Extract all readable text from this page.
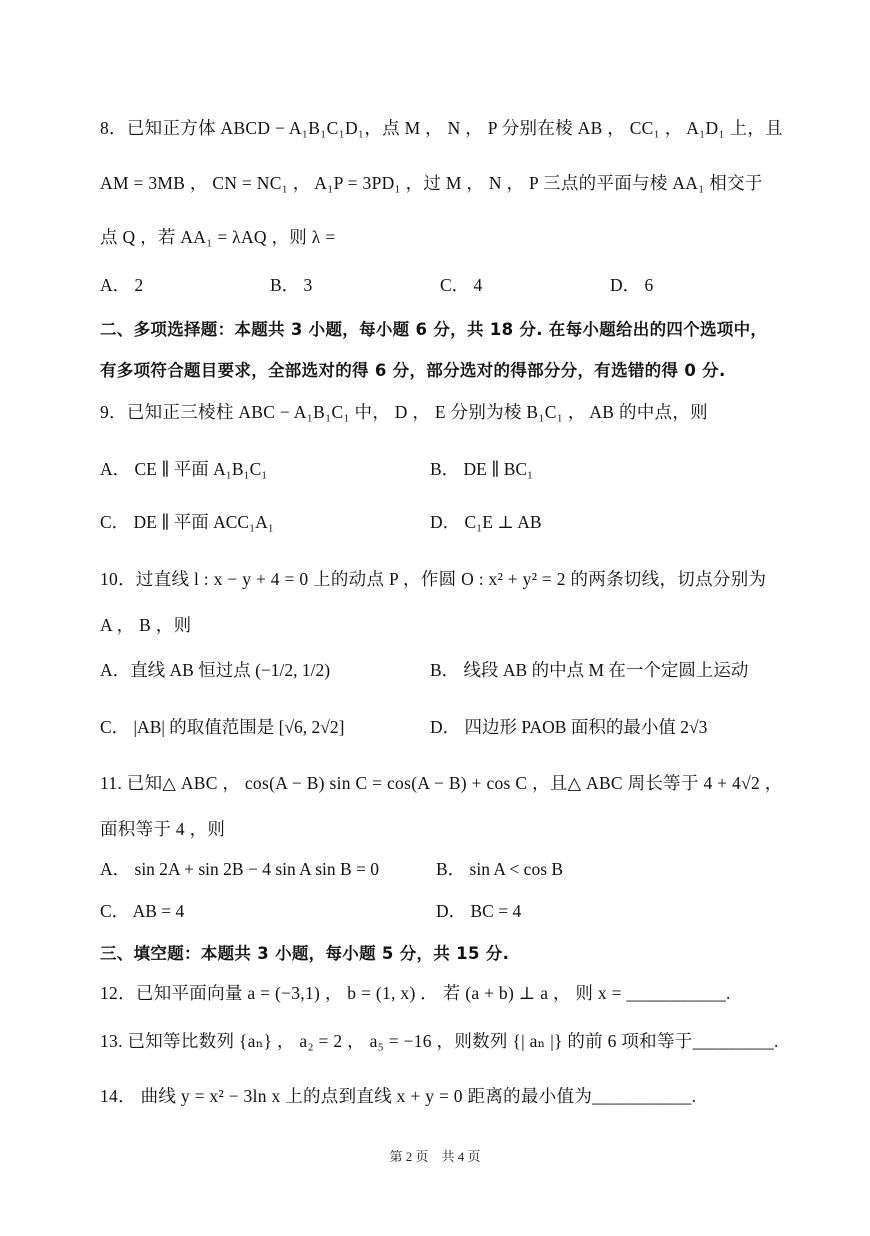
8．已知正方体 ABCD − A₁B₁C₁D₁，点 M ， N ， P 分别在棱 AB ， CC₁ ， A₁D₁ 上，且
AM = 3MB ， CN = NC₁ ， A₁P = 3PD₁ ，过 M ， N ， P 三点的平面与棱 AA₁ 相交于
点 Q ，若 AA₁ = λAQ ，则 λ =
A． 2	B． 3	C． 4	D． 6
二、多项选择题：本题共 3 小题，每小题 6 分，共 18 分. 在每小题给出的四个选项中，
有多项符合题目要求，全部选对的得 6 分，部分选对的得部分分，有选错的得 0 分.
9．已知正三棱柱 ABC − A₁B₁C₁ 中， D ， E 分别为棱 B₁C₁ ， AB 的中点，则
A． CE ∥ 平面 A₁B₁C₁	B． DE ∥ BC₁
C． DE ∥ 平面 ACC₁A₁	D． C₁E ⊥ AB
10．过直线 l : x − y + 4 = 0 上的动点 P ，作圆 O : x² + y² = 2 的两条切线，切点分别为
A ， B ，则
A．直线 AB 恒过点 (−1/2, 1/2)	B． 线段 AB 的中点 M 在一个定圆上运动
C． |AB| 的取值范围是 [√6, 2√2]	D． 四边形 PAOB 面积的最小值 2√3
11. 已知△ ABC ， cos(A − B) sin C = cos(A − B) + cos C ，且△ ABC 周长等于 4 + 4√2 ，
面积等于 4 ，则
A． sin 2A + sin 2B − 4 sin A sin B = 0	B． sin A < cos B
C． AB = 4	D． BC = 4
三、填空题：本题共 3 小题，每小题 5 分，共 15 分.
12．已知平面向量 a = (−3,1) ， b = (1, x) ． 若 (a + b) ⊥ a ， 则 x = ___________.
13. 已知等比数列 {aₙ} ， a₂ = 2 ， a₅ = −16 ，则数列 {| aₙ |} 的前 6 项和等于_________.
14． 曲线 y = x² − 3ln x 上的点到直线 x + y = 0 距离的最小值为___________.
第 2 页　共 4 页
